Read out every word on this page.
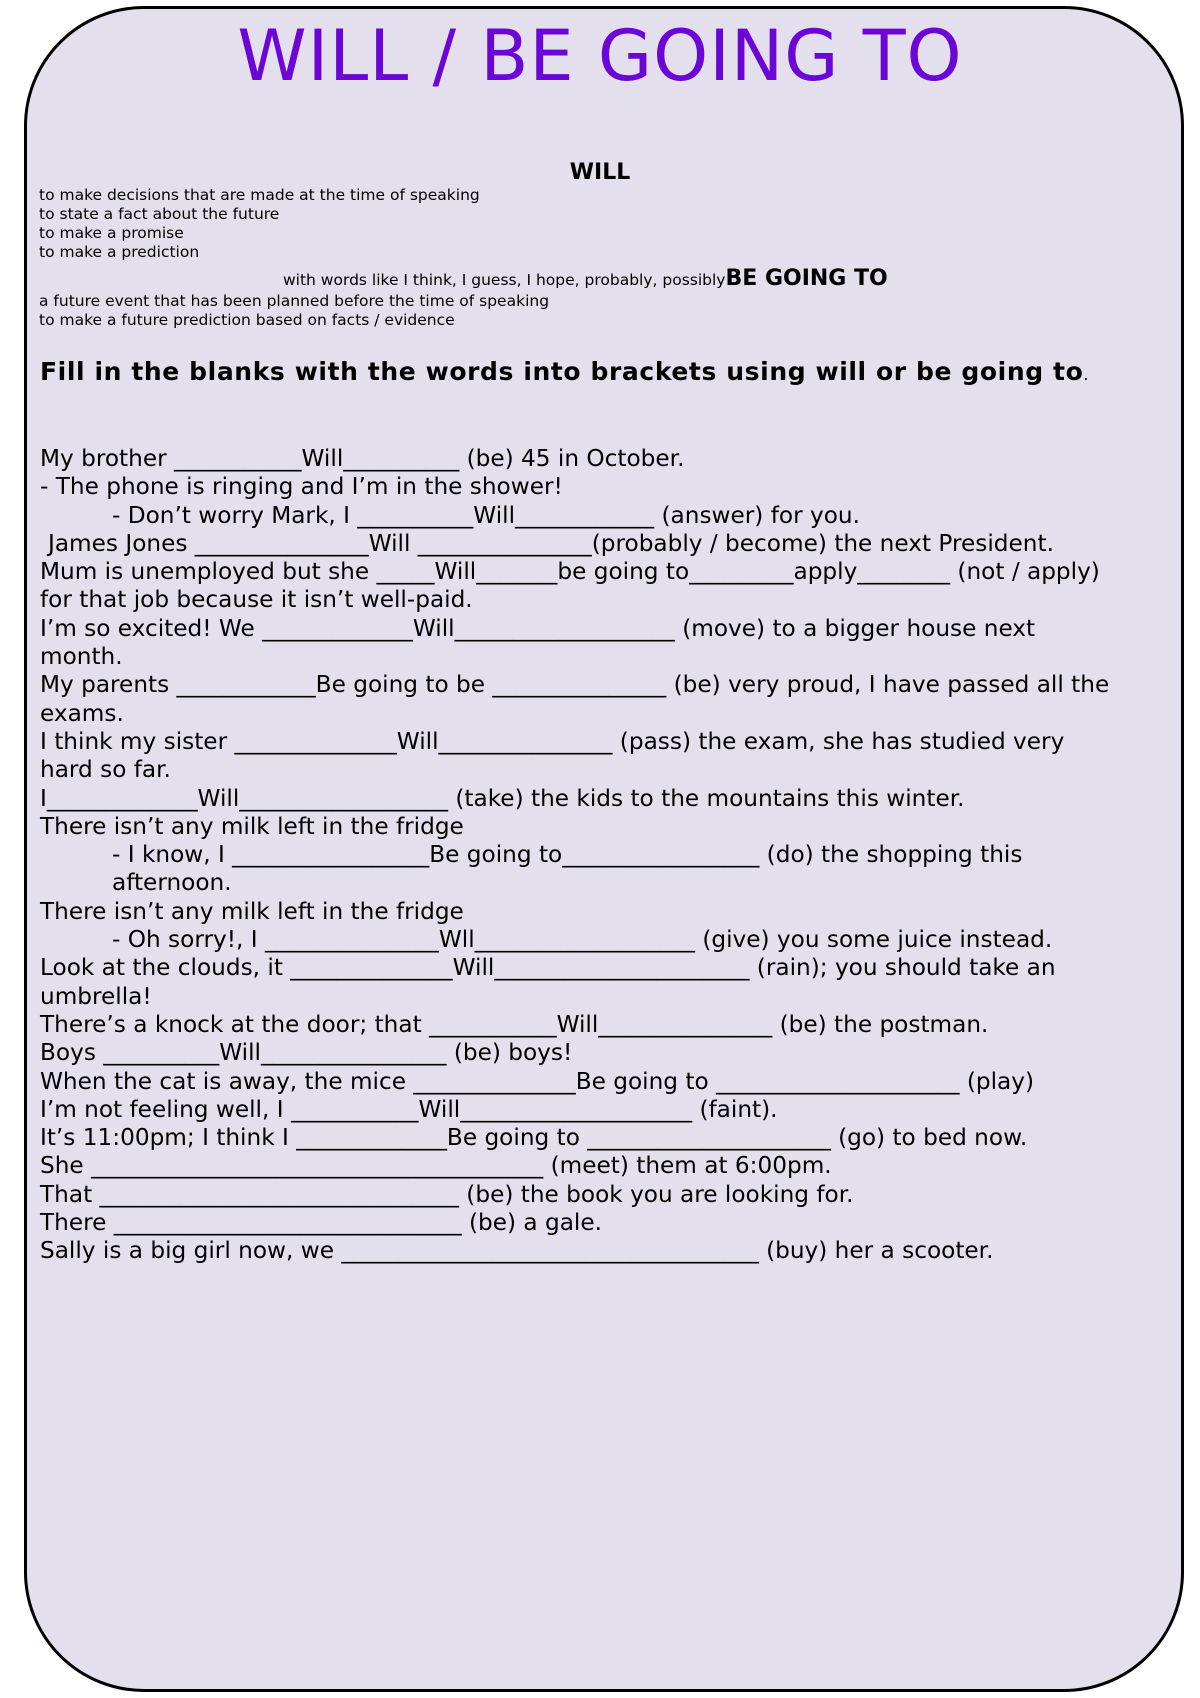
WILL / BE GOING TO
WILL
to make decisions that are made at the time of speaking
to state a fact about the future
to make a promise
to make a prediction
with words like I think, I guess, I hope, probably, possiblyBE GOING TO
a future event that has been planned before the time of speaking
to make a future prediction based on facts / evidence
Fill in the blanks with the words into brackets using will or be going to.
My brother ___________Will__________ (be) 45 in October.
- The phone is ringing and I’m in the shower!
- Don’t worry Mark, I __________Will____________ (answer) for you.
James Jones _______________Will _______________(probably / become) the next President.
Mum is unemployed but she _____Will_______be going to_________apply________ (not / apply)
for that job because it isn’t well-paid.
I’m so excited! We _____________Will___________________ (move) to a bigger house next
month.
My parents ____________Be going to be _______________ (be) very proud, I have passed all the
exams.
I think my sister ______________Will_______________ (pass) the exam, she has studied very
hard so far.
I_____________Will__________________ (take) the kids to the mountains this winter.
There isn’t any milk left in the fridge
- I know, I _________________Be going to_________________ (do) the shopping this
afternoon.
There isn’t any milk left in the fridge
- Oh sorry!, I _______________Wll___________________ (give) you some juice instead.
Look at the clouds, it ______________Will______________________ (rain); you should take an
umbrella!
There’s a knock at the door; that ___________Will_______________ (be) the postman.
Boys __________Will________________ (be) boys!
When the cat is away, the mice ______________Be going to _____________________ (play)
I’m not feeling well, I ___________Will____________________ (faint).
It’s 11:00pm; I think I _____________Be going to _____________________ (go) to bed now.
She _______________________________________ (meet) them at 6:00pm.
That _______________________________ (be) the book you are looking for.
There ______________________________ (be) a gale.
Sally is a big girl now, we ____________________________________ (buy) her a scooter.
